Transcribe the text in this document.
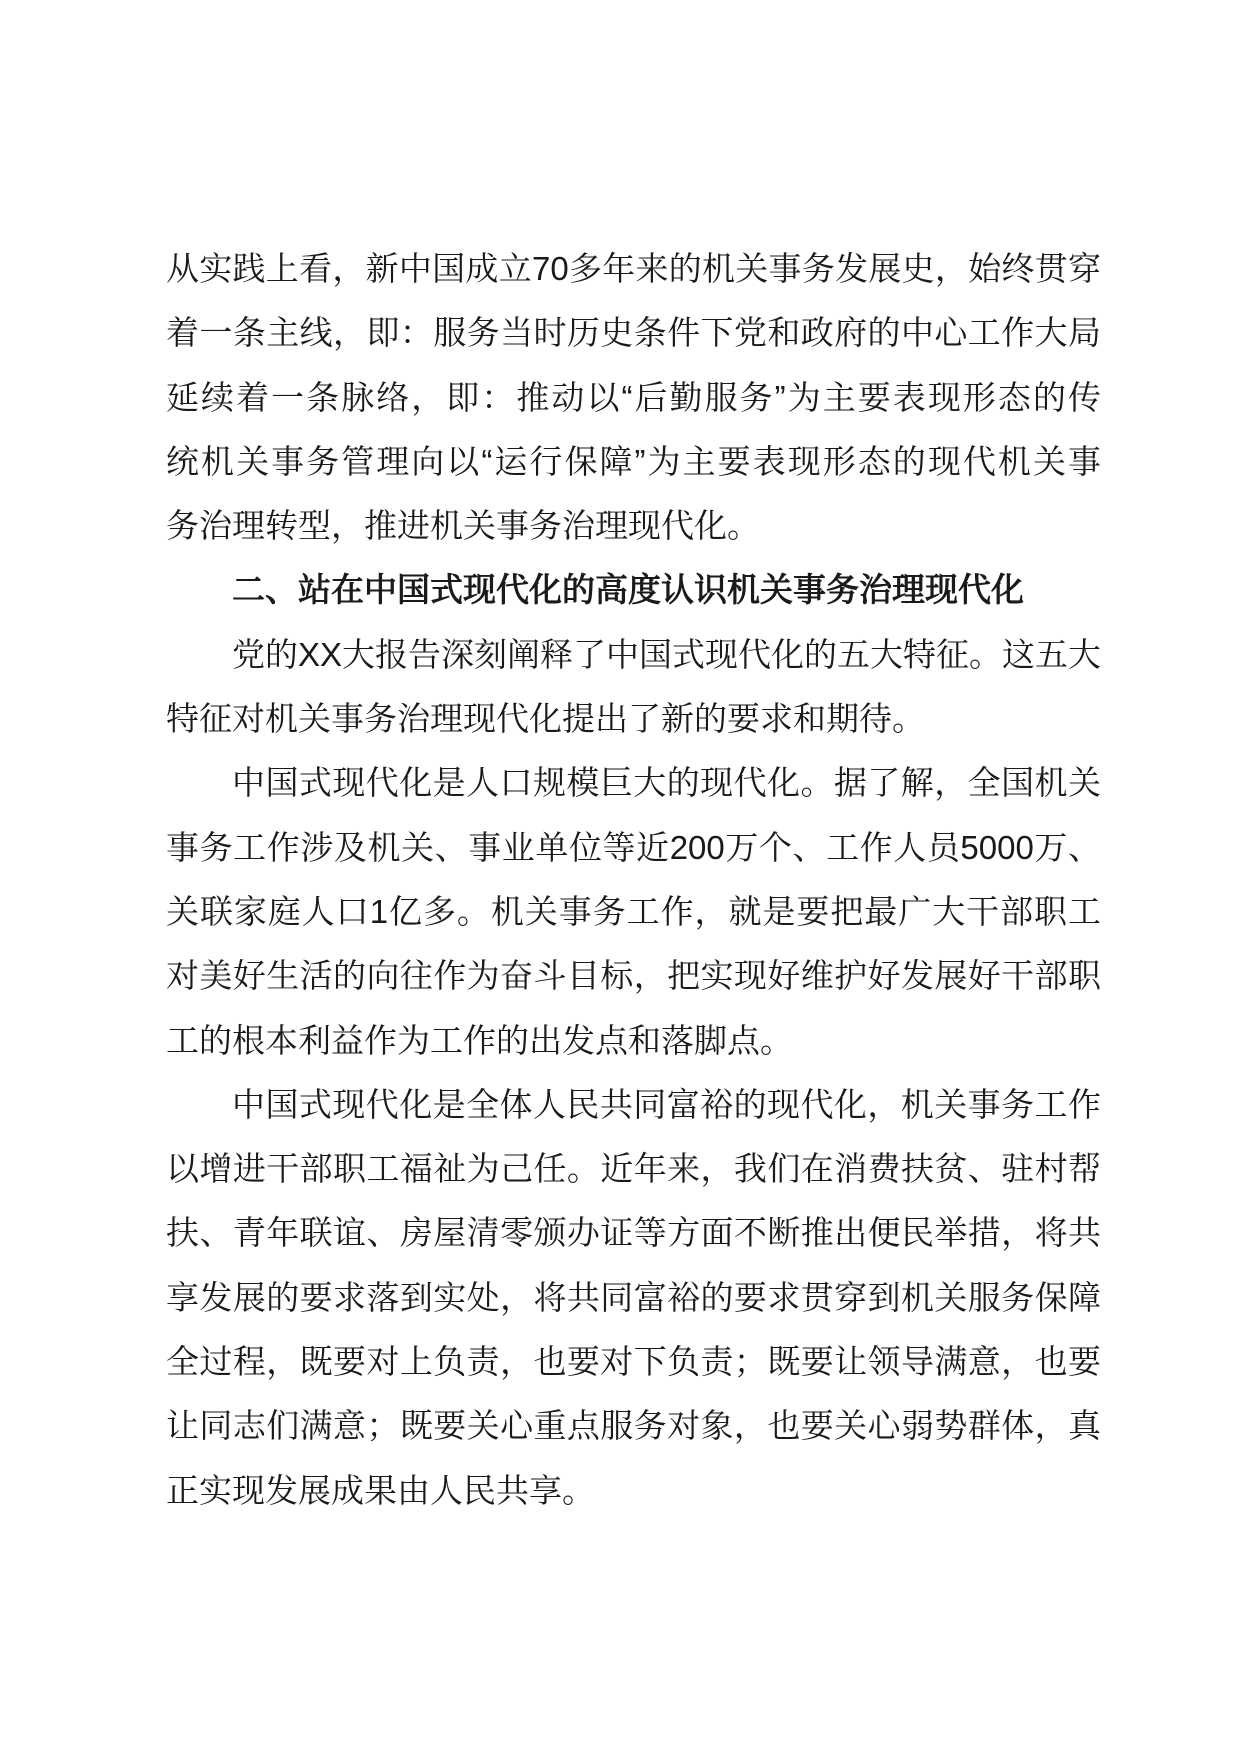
从实践上看，新中国成立70多年来的机关事务发展史，始终贯穿
着一条主线，即：服务当时历史条件下党和政府的中心工作大局
延续着一条脉络，即：推动以“后勤服务”为主要表现形态的传
统机关事务管理向以“运行保障”为主要表现形态的现代机关事
务治理转型，推进机关事务治理现代化。
二、站在中国式现代化的高度认识机关事务治理现代化
党的XX大报告深刻阐释了中国式现代化的五大特征。这五大
特征对机关事务治理现代化提出了新的要求和期待。
中国式现代化是人口规模巨大的现代化。据了解，全国机关
事务工作涉及机关、事业单位等近200万个、工作人员5000万、
关联家庭人口1亿多。机关事务工作，就是要把最广大干部职工
对美好生活的向往作为奋斗目标，把实现好维护好发展好干部职
工的根本利益作为工作的出发点和落脚点。
中国式现代化是全体人民共同富裕的现代化，机关事务工作
以增进干部职工福祉为己任。近年来，我们在消费扶贫、驻村帮
扶、青年联谊、房屋清零颁办证等方面不断推出便民举措，将共
享发展的要求落到实处，将共同富裕的要求贯穿到机关服务保障
全过程，既要对上负责，也要对下负责；既要让领导满意，也要
让同志们满意；既要关心重点服务对象，也要关心弱势群体，真
正实现发展成果由人民共享。
